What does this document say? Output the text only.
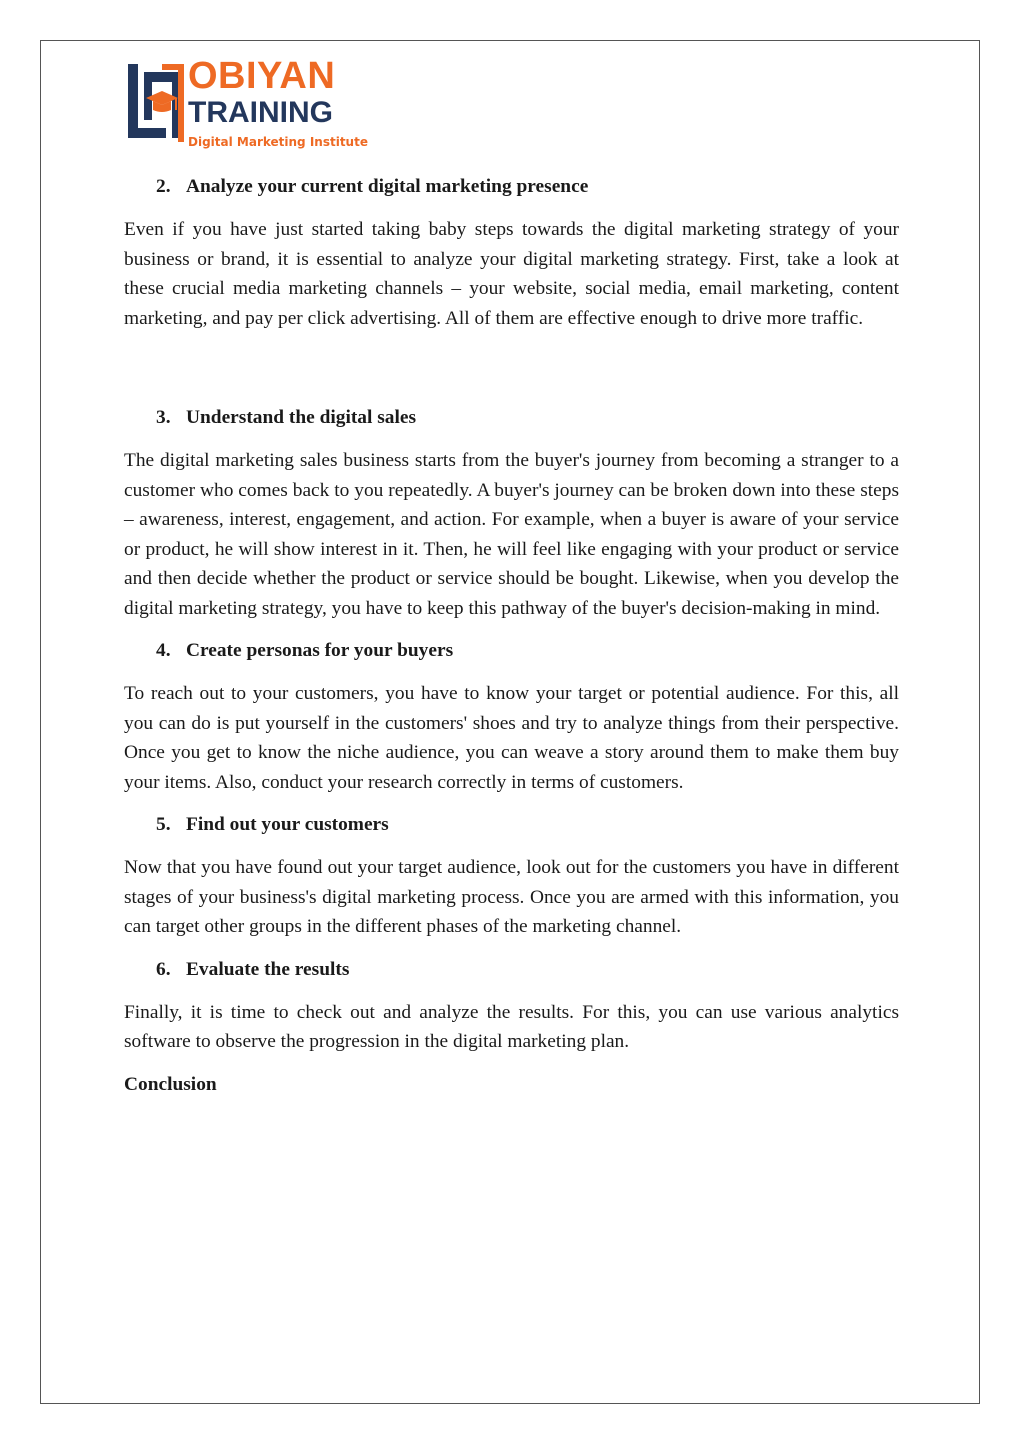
OBIYAN

TRAINING

Digital Marketing Institute

2. Analyze your current digital marketing presence

Even if you have just started taking baby steps towards the digital marketing strategy of your business or brand, it is essential to analyze your digital marketing strategy. First, take a look at these crucial media marketing channels – your website, social media, email marketing, content marketing, and pay per click advertising. All of them are effective enough to drive more traffic.

3. Understand the digital sales

The digital marketing sales business starts from the buyer's journey from becoming a stranger to a customer who comes back to you repeatedly. A buyer's journey can be broken down into these steps – awareness, interest, engagement, and action. For example, when a buyer is aware of your service or product, he will show interest in it. Then, he will feel like engaging with your product or service and then decide whether the product or service should be bought. Likewise, when you develop the digital marketing strategy, you have to keep this pathway of the buyer's decision-making in mind.

4. Create personas for your buyers

To reach out to your customers, you have to know your target or potential audience. For this, all you can do is put yourself in the customers' shoes and try to analyze things from their perspective. Once you get to know the niche audience, you can weave a story around them to make them buy your items. Also, conduct your research correctly in terms of customers.

5. Find out your customers

Now that you have found out your target audience, look out for the customers you have in different stages of your business's digital marketing process. Once you are armed with this information, you can target other groups in the different phases of the marketing channel.

6. Evaluate the results

Finally, it is time to check out and analyze the results. For this, you can use various analytics software to observe the progression in the digital marketing plan.

Conclusion
